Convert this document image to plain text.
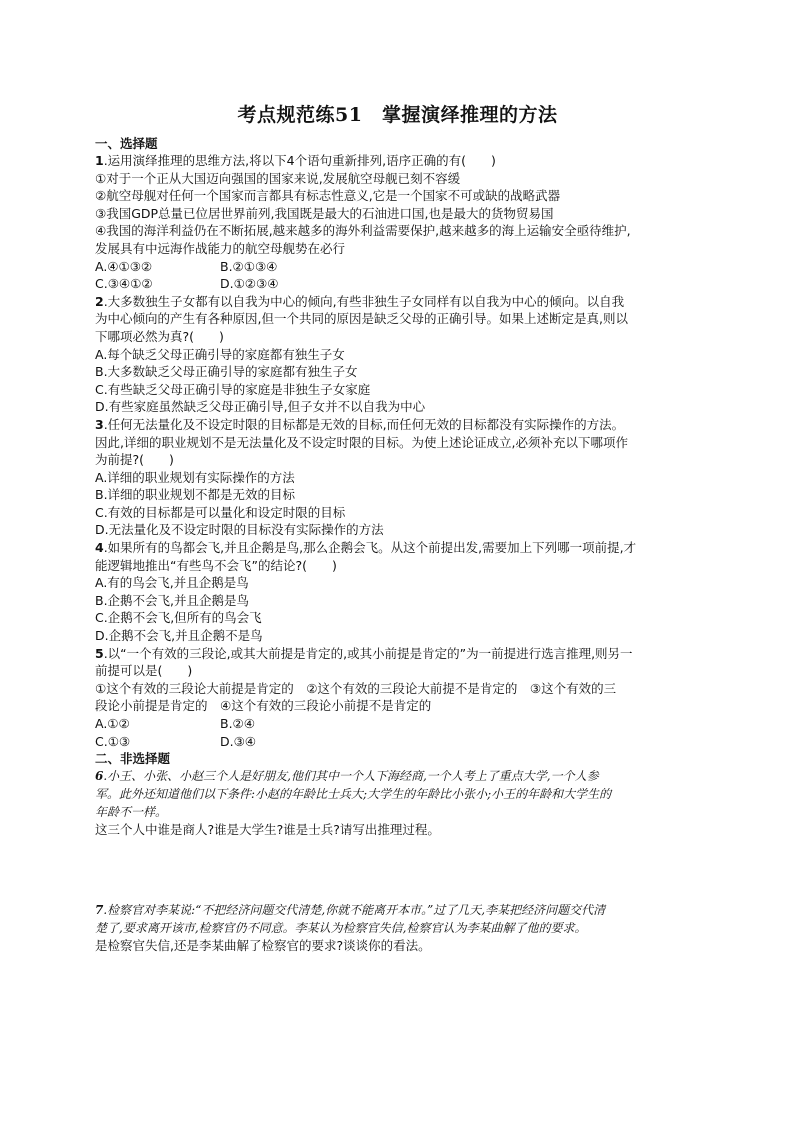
考点规范练51　掌握演绎推理的方法
一、选择题

1.运用演绎推理的思维方法,将以下4个语句重新排列,语序正确的有(　　)

①对于一个正从大国迈向强国的国家来说,发展航空母舰已刻不容缓

②航空母舰对任何一个国家而言都具有标志性意义,它是一个国家不可或缺的战略武器

③我国GDP总量已位居世界前列,我国既是最大的石油进口国,也是最大的货物贸易国

④我国的海洋利益仍在不断拓展,越来越多的海外利益需要保护,越来越多的海上运输安全亟待维护,

发展具有中远海作战能力的航空母舰势在必行

A.④①③②	B.②①③④
C.③④①②	D.①②③④

2.大多数独生子女都有以自我为中心的倾向,有些非独生子女同样有以自我为中心的倾向。以自我

为中心倾向的产生有各种原因,但一个共同的原因是缺乏父母的正确引导。如果上述断定是真,则以

下哪项必然为真?(　　)

A.每个缺乏父母正确引导的家庭都有独生子女

B.大多数缺乏父母正确引导的家庭都有独生子女

C.有些缺乏父母正确引导的家庭是非独生子女家庭

D.有些家庭虽然缺乏父母正确引导,但子女并不以自我为中心

3.任何无法量化及不设定时限的目标都是无效的目标,而任何无效的目标都没有实际操作的方法。

因此,详细的职业规划不是无法量化及不设定时限的目标。为使上述论证成立,必须补充以下哪项作

为前提?(　　)

A.详细的职业规划有实际操作的方法

B.详细的职业规划不都是无效的目标

C.有效的目标都是可以量化和设定时限的目标

D.无法量化及不设定时限的目标没有实际操作的方法

4.如果所有的鸟都会飞,并且企鹅是鸟,那么企鹅会飞。从这个前提出发,需要加上下列哪一项前提,才

能逻辑地推出“有些鸟不会飞”的结论?(　　)

A.有的鸟会飞,并且企鹅是鸟

B.企鹅不会飞,并且企鹅是鸟

C.企鹅不会飞,但所有的鸟会飞

D.企鹅不会飞,并且企鹅不是鸟

5.以“一个有效的三段论,或其大前提是肯定的,或其小前提是肯定的”为一前提进行选言推理,则另一

前提可以是(　　)

①这个有效的三段论大前提是肯定的　②这个有效的三段论大前提不是肯定的　③这个有效的三

段论小前提是肯定的　④这个有效的三段论小前提不是肯定的

A.①②	B.②④
C.①③	D.③④
二、非选择题

6.小王、小张、小赵三个人是好朋友,他们其中一个人下海经商,一个人考上了重点大学,一个人参

军。此外还知道他们以下条件:小赵的年龄比士兵大;大学生的年龄比小张小;小王的年龄和大学生的

年龄不一样。

这三个人中谁是商人?谁是大学生?谁是士兵?请写出推理过程。

7.检察官对李某说:“不把经济问题交代清楚,你就不能离开本市。”过了几天,李某把经济问题交代清

楚了,要求离开该市,检察官仍不同意。李某认为检察官失信,检察官认为李某曲解了他的要求。

是检察官失信,还是李某曲解了检察官的要求?谈谈你的看法。
